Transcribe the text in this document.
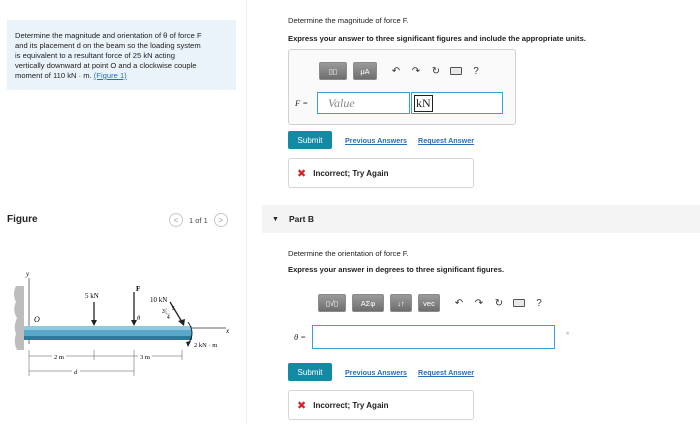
Determine the magnitude and orientation of θ of force F
and its placement d on the beam so the loading system
is equivalent to a resultant force of 25 kN acting
vertically downward at point O and a clockwise couple
moment of 110 kN · m. (Figure 1)
Figure	<	1 of 1	>
y
O
x
5 kN
F
θ
10 kN
3
4
5
2 kN · m
2 m	3 m
d
Determine the magnitude of force F.
Express your answer to three significant figures and include the appropriate units.
▯▯	μA	↶ ↷ ↻	?
F =	Value	kN
Submit	Previous Answers Request Answer
✖ Incorrect; Try Again
▼ Part B
Determine the orientation of force F.
Express your answer in degrees to three significant figures.
▯√▯	ΑΣφ	↓↑	vec	↶ ↷ ↻	?
θ =	°
Submit	Previous Answers Request Answer
✖ Incorrect; Try Again
